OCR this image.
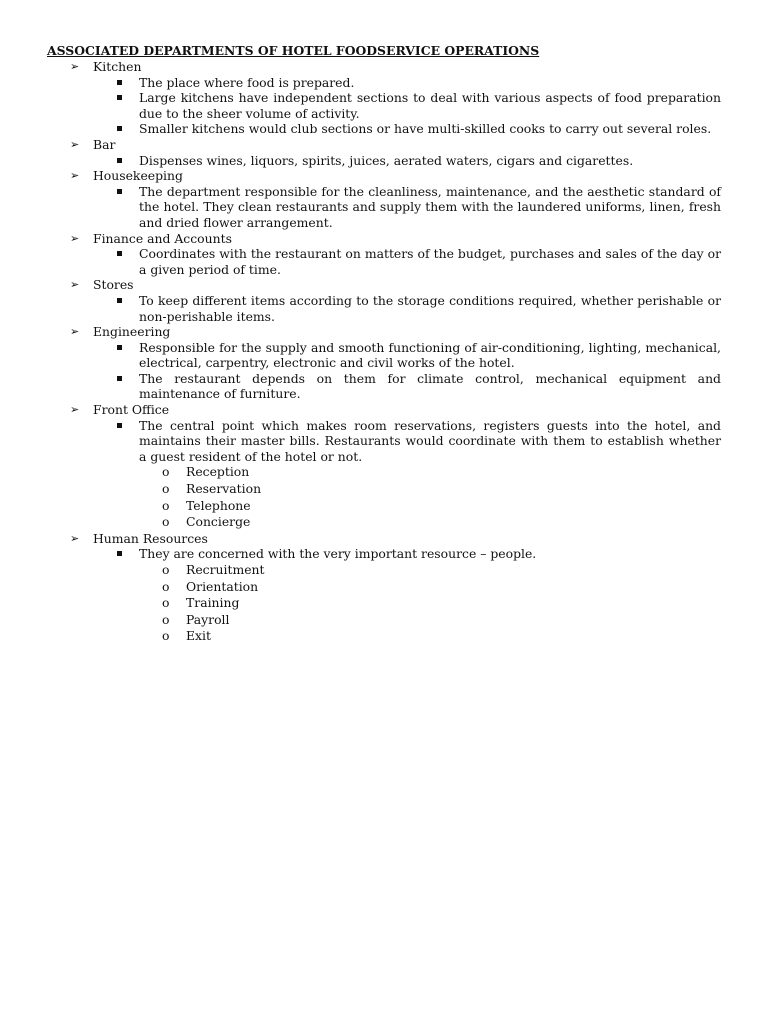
ASSOCIATED DEPARTMENTS OF HOTEL FOODSERVICE OPERATIONS
➢ Kitchen
The place where food is prepared.
Large kitchens have independent sections to deal with various aspects of food preparation due to the sheer volume of activity.
Smaller kitchens would club sections or have multi-skilled cooks to carry out several roles.
➢ Bar
Dispenses wines, liquors, spirits, juices, aerated waters, cigars and cigarettes.
➢ Housekeeping
The department responsible for the cleanliness, maintenance, and the aesthetic standard of the hotel. They clean restaurants and supply them with the laundered uniforms, linen, fresh and dried flower arrangement.
➢ Finance and Accounts
Coordinates with the restaurant on matters of the budget, purchases and sales of the day or a given period of time.
➢ Stores
To keep different items according to the storage conditions required, whether perishable or non-perishable items.
➢ Engineering
Responsible for the supply and smooth functioning of air-conditioning, lighting, mechanical, electrical, carpentry, electronic and civil works of the hotel.
The restaurant depends on them for climate control, mechanical equipment and maintenance of furniture.
➢ Front Office
The central point which makes room reservations, registers guests into the hotel, and maintains their master bills. Restaurants would coordinate with them to establish whether a guest resident of the hotel or not.
o Reception
o Reservation
o Telephone
o Concierge
➢ Human Resources
They are concerned with the very important resource – people.
o Recruitment
o Orientation
o Training
o Payroll
o Exit
